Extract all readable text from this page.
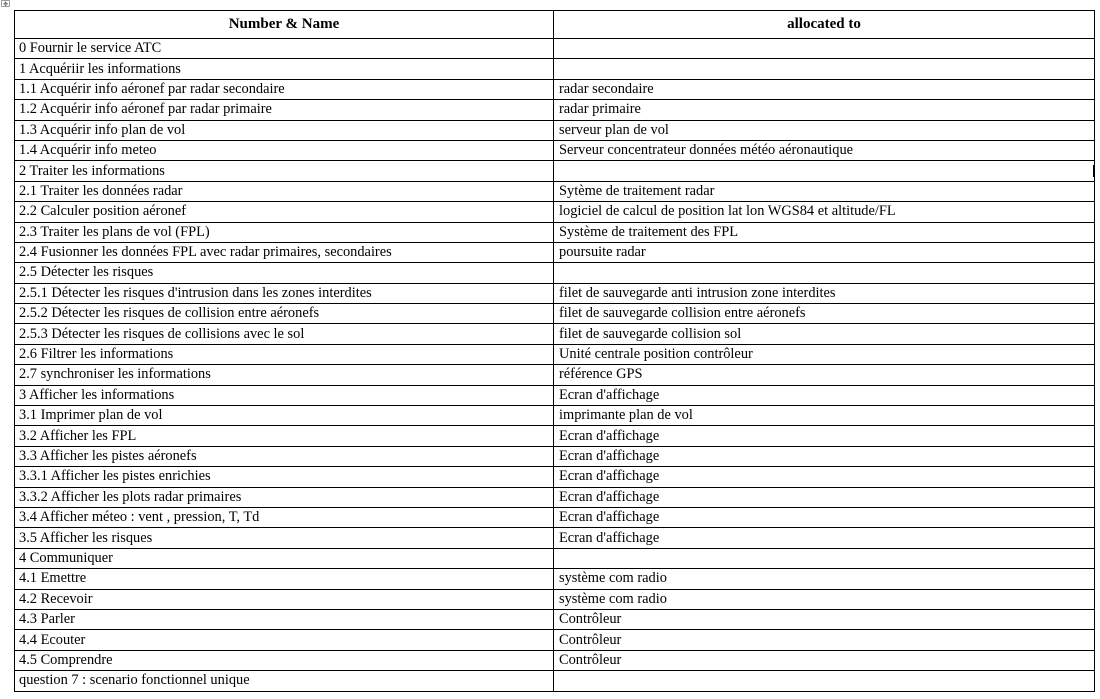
✥
Number & Name	allocated to
0 Fournir le service ATC	
1 Acquériir les informations	
1.1 Acquérir info aéronef par radar secondaire	radar secondaire
1.2 Acquérir info aéronef par radar primaire	radar primaire
1.3 Acquérir info plan de vol	serveur plan de vol
1.4 Acquérir info meteo	Serveur concentrateur données météo aéronautique
2 Traiter les informations	
2.1 Traiter les données radar	Sytème de traitement radar
2.2 Calculer position aéronef	logiciel de calcul de position lat lon WGS84 et altitude/FL
2.3 Traiter les plans de vol (FPL)	Système de traitement des FPL
2.4 Fusionner les données FPL avec radar primaires, secondaires	poursuite radar
2.5 Détecter les risques	
2.5.1 Détecter les risques d'intrusion dans les zones interdites	filet de sauvegarde anti intrusion zone interdites
2.5.2 Détecter les risques de collision entre aéronefs	filet de sauvegarde collision entre aéronefs
2.5.3 Détecter les risques de collisions avec le sol	filet de sauvegarde collision sol
2.6 Filtrer les informations	Unité centrale position contrôleur
2.7 synchroniser les informations	référence GPS
3 Afficher les informations	Ecran d'affichage
3.1 Imprimer plan de vol	imprimante plan de vol
3.2 Afficher les FPL	Ecran d'affichage
3.3 Afficher les pistes aéronefs	Ecran d'affichage
3.3.1 Afficher les pistes enrichies	Ecran d'affichage
3.3.2 Afficher les plots radar primaires	Ecran d'affichage
3.4 Afficher méteo : vent , pression, T, Td	Ecran d'affichage
3.5 Afficher les risques	Ecran d'affichage
4 Communiquer	
4.1 Emettre	système com radio
4.2 Recevoir	système com radio
4.3 Parler	Contrôleur
4.4 Ecouter	Contrôleur
4.5 Comprendre	Contrôleur
question 7 : scenario fonctionnel unique	
